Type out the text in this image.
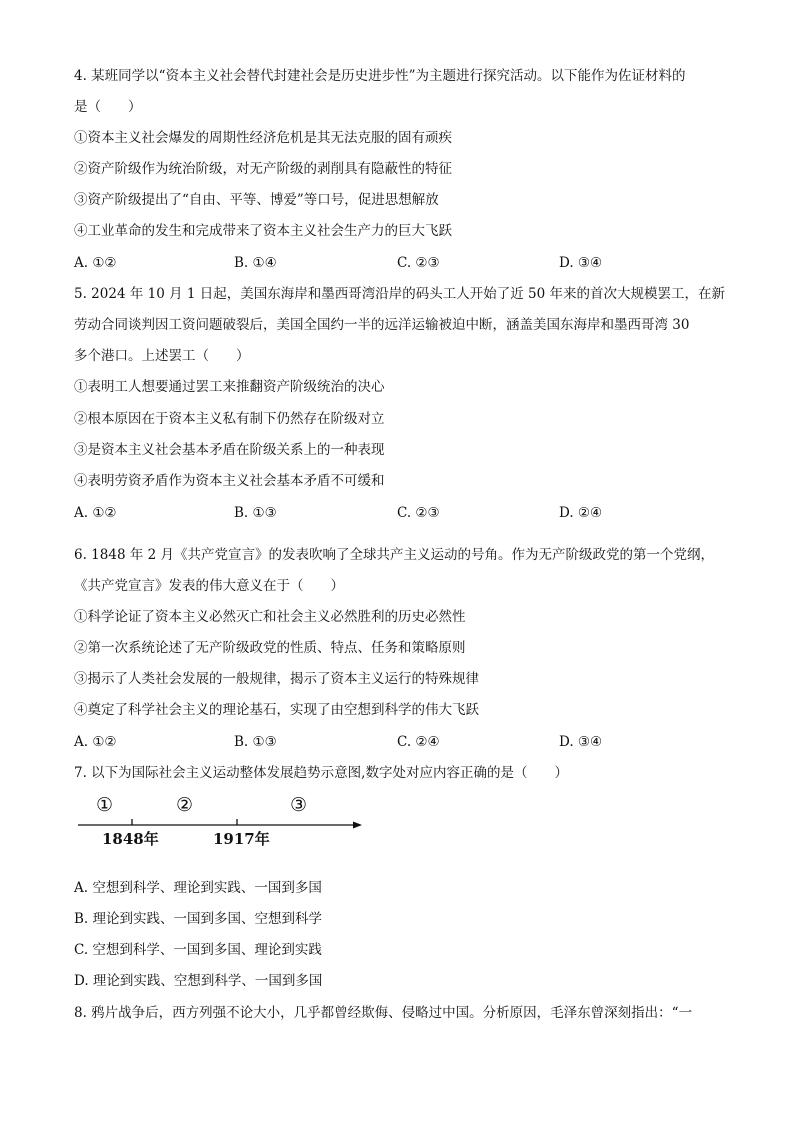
4. 某班同学以“资本主义社会替代封建社会是历史进步性”为主题进行探究活动。以下能作为佐证材料的
是（　　）
①资本主义社会爆发的周期性经济危机是其无法克服的固有顽疾
②资产阶级作为统治阶级，对无产阶级的剥削具有隐蔽性的特征
③资产阶级提出了“自由、平等、博爱”等口号，促进思想解放
④工业革命的发生和完成带来了资本主义社会生产力的巨大飞跃
A. ①②	B. ①④	C. ②③	D. ③④
5. 2024 年 10 月 1 日起，美国东海岸和墨西哥湾沿岸的码头工人开始了近 50 年来的首次大规模罢工，在新
劳动合同谈判因工资问题破裂后，美国全国约一半的远洋运输被迫中断，涵盖美国东海岸和墨西哥湾 30
多个港口。上述罢工（　　）
①表明工人想要通过罢工来推翻资产阶级统治的决心
②根本原因在于资本主义私有制下仍然存在阶级对立
③是资本主义社会基本矛盾在阶级关系上的一种表现
④表明劳资矛盾作为资本主义社会基本矛盾不可缓和
A. ①②	B. ①③	C. ②③	D. ②④
6. 1848 年 2 月《共产党宣言》的发表吹响了全球共产主义运动的号角。作为无产阶级政党的第一个党纲，
《共产党宣言》发表的伟大意义在于（　　）
①科学论证了资本主义必然灭亡和社会主义必然胜利的历史必然性
②第一次系统论述了无产阶级政党的性质、特点、任务和策略原则
③揭示了人类社会发展的一般规律，揭示了资本主义运行的特殊规律
④奠定了科学社会主义的理论基石，实现了由空想到科学的伟大飞跃
A. ①②	B. ①③	C. ②④	D. ③④
7. 以下为国际社会主义运动整体发展趋势示意图,数字处对应内容正确的是（　　）
①	②	③
1848年	1917年
A. 空想到科学、理论到实践、一国到多国
B. 理论到实践、一国到多国、空想到科学
C. 空想到科学、一国到多国、理论到实践
D. 理论到实践、空想到科学、一国到多国
8. 鸦片战争后，西方列强不论大小，几乎都曾经欺侮、侵略过中国。分析原因，毛泽东曾深刻指出：“一
